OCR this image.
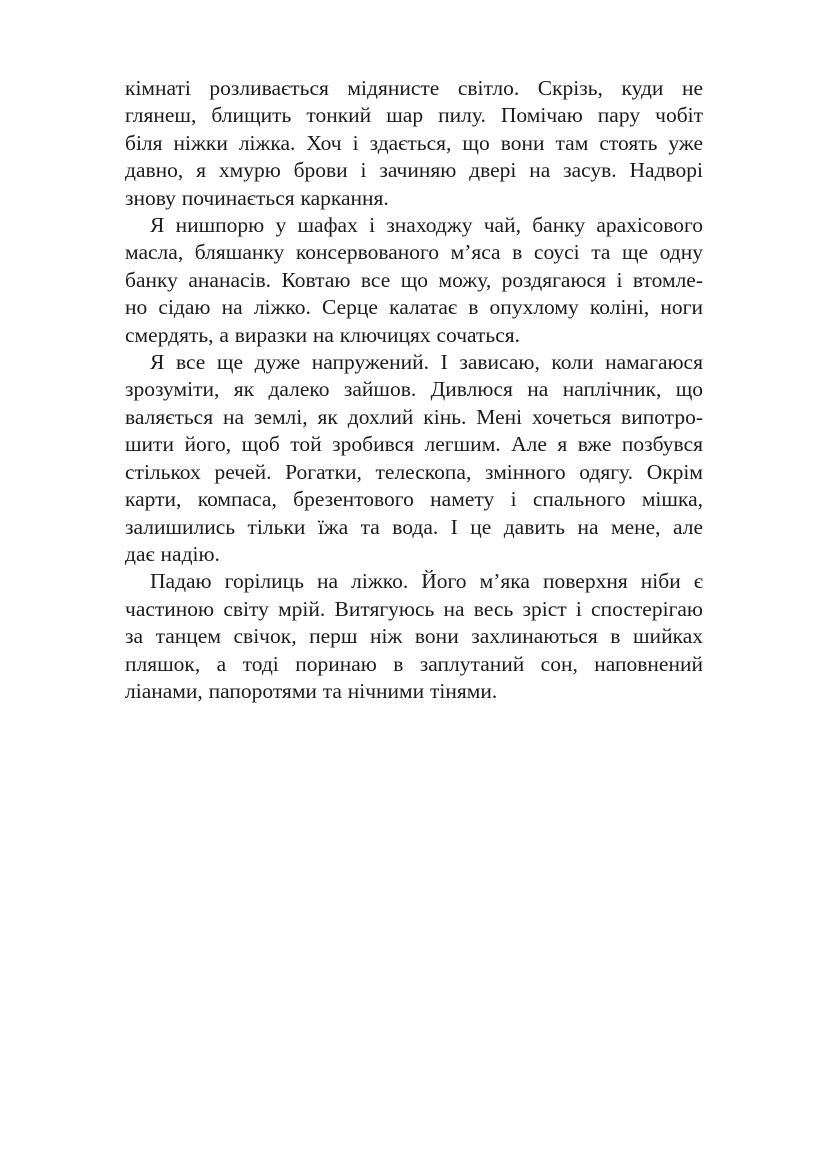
кімнаті розливається мідянисте світло. Скрізь, куди не
глянеш, блищить тонкий шар пилу. Помічаю пару чобіт
біля ніжки ліжка. Хоч і здається, що вони там стоять уже
давно, я хмурю брови і зачиняю двері на засув. Надворі
знову починається каркання.
Я нишпорю у шафах і знаходжу чай, банку арахісового
масла, бляшанку консервованого м’яса в соусі та ще одну
банку ананасів. Ковтаю все що можу, роздягаюся і втомле-
но сідаю на ліжко. Серце калатає в опухлому коліні, ноги
смердять, а виразки на ключицях сочаться.
Я все ще дуже напружений. І зависаю, коли намагаюся
зрозуміти, як далеко зайшов. Дивлюся на наплічник, що
валяється на землі, як дохлий кінь. Мені хочеться випотро-
шити його, щоб той зробився легшим. Але я вже позбувся
стількох речей. Рогатки, телескопа, змінного одягу. Окрім
карти, компаса, брезентового намету і спального мішка,
залишились тільки їжа та вода. І це давить на мене, але
дає надію.
Падаю горілиць на ліжко. Його м’яка поверхня ніби є
частиною світу мрій. Витягуюсь на весь зріст і спостерігаю
за танцем свічок, перш ніж вони захлинаються в шийках
пляшок, а тоді поринаю в заплутаний сон, наповнений
ліанами, папоротями та нічними тінями.
